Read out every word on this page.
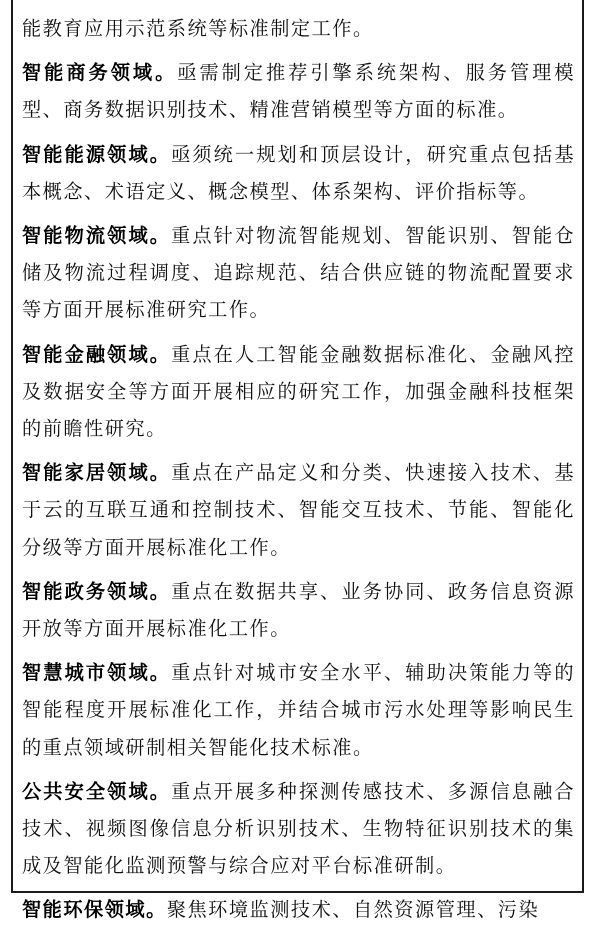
能教育应用示范系统等标准制定工作。

智能商务领域。亟需制定推荐引擎系统架构、服务管理模型、商务数据识别技术、精准营销模型等方面的标准。

智能能源领域。亟须统一规划和顶层设计，研究重点包括基本概念、术语定义、概念模型、体系架构、评价指标等。

智能物流领域。重点针对物流智能规划、智能识别、智能仓储及物流过程调度、追踪规范、结合供应链的物流配置要求等方面开展标准研究工作。

智能金融领域。重点在人工智能金融数据标准化、金融风控及数据安全等方面开展相应的研究工作，加强金融科技框架的前瞻性研究。

智能家居领域。重点在产品定义和分类、快速接入技术、基于云的互联互通和控制技术、智能交互技术、节能、智能化分级等方面开展标准化工作。

智能政务领域。重点在数据共享、业务协同、政务信息资源开放等方面开展标准化工作。

智慧城市领域。重点针对城市安全水平、辅助决策能力等的智能程度开展标准化工作，并结合城市污水处理等影响民生的重点领域研制相关智能化技术标准。

公共安全领域。重点开展多种探测传感技术、多源信息融合技术、视频图像信息分析识别技术、生物特征识别技术的集成及智能化监测预警与综合应对平台标准研制。

智能环保领域。聚焦环境监测技术、自然资源管理、污染
